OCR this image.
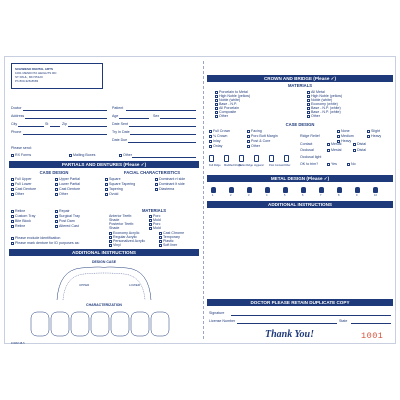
SCHWIESO DENTAL ARTS
1001 MENDOTA HEIGHTS RD
ST PAUL, MN 55120
Ph 800-328-8683
Doctor
Address
City	St	Zip
Phone
Patient
Age	Sex
Date Sent
Try In Date
Date Due
Please send:
RX Forms	Mailing Boxes	Other
PARTIALS AND DENTURES (Please ✓)
CASE DESIGN	FACIAL CHARACTERISTICS
Full Upper
Full Lower
Cast Denture
Other
Upper Partial
Lower Partial
Cast Denture
Other
Square
Square Tapering
Tapering
Ovoid
Dominant rt side
Dominant lt side
Diastema
Reline
Custom Tray
Bite Block
Reline
Repair
Surgical Tray
Post Dam
Altered Cast
Please exclude identification
Please mark denture for ID purposes as:
MATERIALS
Anterior Teeth:
Shade
Posterior Teeth:
Shade
Porc
Mold
Porc
Mold
Economy Acrylic
Regular Acrylic
Personalized Acrylic
Vinyl
Cast Chrome
Temporary
Plastic
Soft liner
ADDITIONAL INSTRUCTIONS
DESIGN CASE
UPPER	LOWER
CHARACTERIZATION
FORM 48-5
CROWN AND BRIDGE (Please ✓)
MATERIALS
Porcelain to Metal
High Noble (yellow)
Noble (white)
Base - N.P.
All Porcelain
Composite
Other
All Metal
High Noble (yellow)
Noble (white)
Economy (white)
Base - N.P. (white)
Base - N.P. (white)
Other
CASE DESIGN
Full Crown
¾ Crown
Inlay
Onlay
Facing
Porc Butt Margin
Post & Core
Other
None
Medium
Heavy
Slight
Heavy
Ridge Relief
Contact	Mesial	Distal
Occlusal	Mesial	Distal
Occlusal light
OK to trim?	Yes	No
Full Ridge Modified Ridge
Bullet Ridge Hygienic Post Contact Other
METAL DESIGN (Please ✓)
1	2	3	4	5	6	7	8	9	10
ADDITIONAL INSTRUCTIONS
DOCTOR PLEASE RETAIN DUPLICATE COPY
Signature
License Number	State
Thank You!	1001
